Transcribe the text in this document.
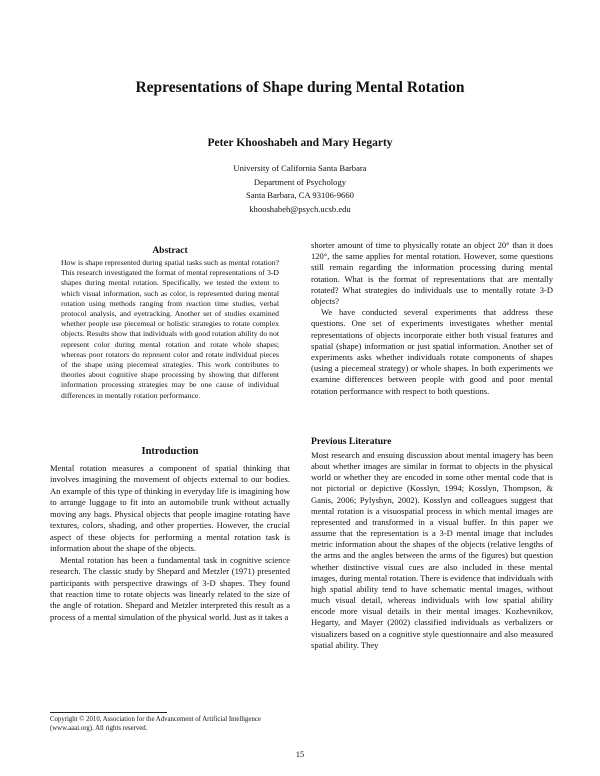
Representations of Shape during Mental Rotation
Peter Khooshabeh and Mary Hegarty
University of California Santa Barbara
Department of Psychology
Santa Barbara, CA 93106-9660
khooshabeh@psych.ucsb.edu
Abstract
How is shape represented during spatial tasks such as mental rotation? This research investigated the format of mental representations of 3-D shapes during mental rotation. Specifically, we tested the extent to which visual information, such as color, is represented during mental rotation using methods ranging from reaction time studies, verbal protocol analysis, and eyetracking. Another set of studies examined whether people use piecemeal or holistic strategies to rotate complex objects. Results show that individuals with good rotation ability do not represent color during mental rotation and rotate whole shapes; whereas poor rotators do represent color and rotate individual pieces of the shape using piecemeal strategies. This work contributes to theories about cognitive shape processing by showing that different information processing strategies may be one cause of individual differences in mentally rotation performance.
Introduction

Mental rotation measures a component of spatial thinking that involves imagining the movement of objects external to our bodies. An example of this type of thinking in everyday life is imagining how to arrange luggage to fit into an automobile trunk without actually moving any bags. Physical objects that people imagine rotating have textures, colors, shading, and other properties. However, the crucial aspect of these objects for performing a mental rotation task is information about the shape of the objects.

Mental rotation has been a fundamental task in cognitive science research. The classic study by Shepard and Metzler (1971) presented participants with perspective drawings of 3-D shapes. They found that reaction time to rotate objects was linearly related to the size of the angle of rotation. Shepard and Metzler interpreted this result as a process of a mental simulation of the physical world. Just as it takes a

Copyright © 2010, Association for the Advancement of Artificial Intelligence (www.aaai.org). All rights reserved.

shorter amount of time to physically rotate an object 20° than it does 120°, the same applies for mental rotation. However, some questions still remain regarding the information processing during mental rotation. What is the format of representations that are mentally rotated? What strategies do individuals use to mentally rotate 3-D objects?

We have conducted several experiments that address these questions. One set of experiments investigates whether mental representations of objects incorporate either both visual features and spatial (shape) information or just spatial information. Another set of experiments asks whether individuals rotate components of shapes (using a piecemeal strategy) or whole shapes. In both experiments we examine differences between people with good and poor mental rotation performance with respect to both questions.

Previous Literature
Most research and ensuing discussion about mental imagery has been about whether images are similar in format to objects in the physical world or whether they are encoded in some other mental code that is not pictorial or depictive (Kosslyn, 1994; Kosslyn, Thompson, & Ganis, 2006; Pylyshyn, 2002). Kosslyn and colleagues suggest that mental rotation is a visuospatial process in which mental images are represented and transformed in a visual buffer. In this paper we assume that the representation is a 3-D mental image that includes metric information about the shapes of the objects (relative lengths of the arms and the angles between the arms of the figures) but question whether distinctive visual cues are also included in these mental images, during mental rotation. There is evidence that individuals with high spatial ability tend to have schematic mental images, without much visual detail, whereas individuals with low spatial ability encode more visual details in their mental images. Kozhevnikov, Hegarty, and Mayer (2002) classified individuals as verbalizers or visualizers based on a cognitive style questionnaire and also measured spatial ability. They
15
